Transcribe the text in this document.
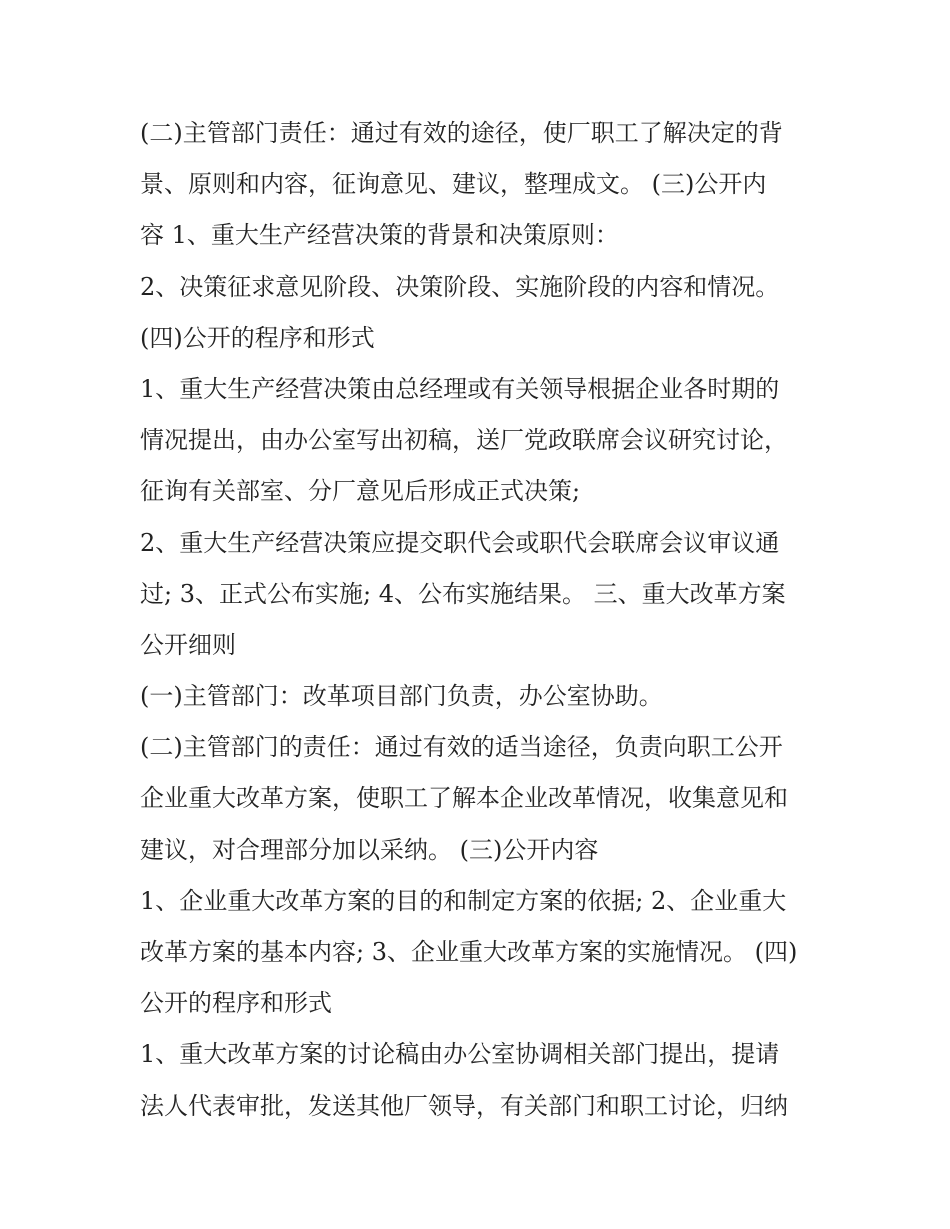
(二)主管部门责任：通过有效的途径，使厂职工了解决定的背
景、原则和内容，征询意见、建议，整理成文。 (三)公开内
容 1、重大生产经营决策的背景和决策原则：
2、决策征求意见阶段、决策阶段、实施阶段的内容和情况。
(四)公开的程序和形式
1、重大生产经营决策由总经理或有关领导根据企业各时期的
情况提出，由办公室写出初稿，送厂党政联席会议研究讨论，
征询有关部室、分厂意见后形成正式决策;
2、重大生产经营决策应提交职代会或职代会联席会议审议通
过; 3、正式公布实施; 4、公布实施结果。 三、重大改革方案
公开细则
(一)主管部门：改革项目部门负责，办公室协助。
(二)主管部门的责任：通过有效的适当途径，负责向职工公开
企业重大改革方案，使职工了解本企业改革情况，收集意见和
建议，对合理部分加以采纳。 (三)公开内容
1、企业重大改革方案的目的和制定方案的依据; 2、企业重大
改革方案的基本内容; 3、企业重大改革方案的实施情况。 (四)
公开的程序和形式
1、重大改革方案的讨论稿由办公室协调相关部门提出，提请
法人代表审批，发送其他厂领导，有关部门和职工讨论，归纳
